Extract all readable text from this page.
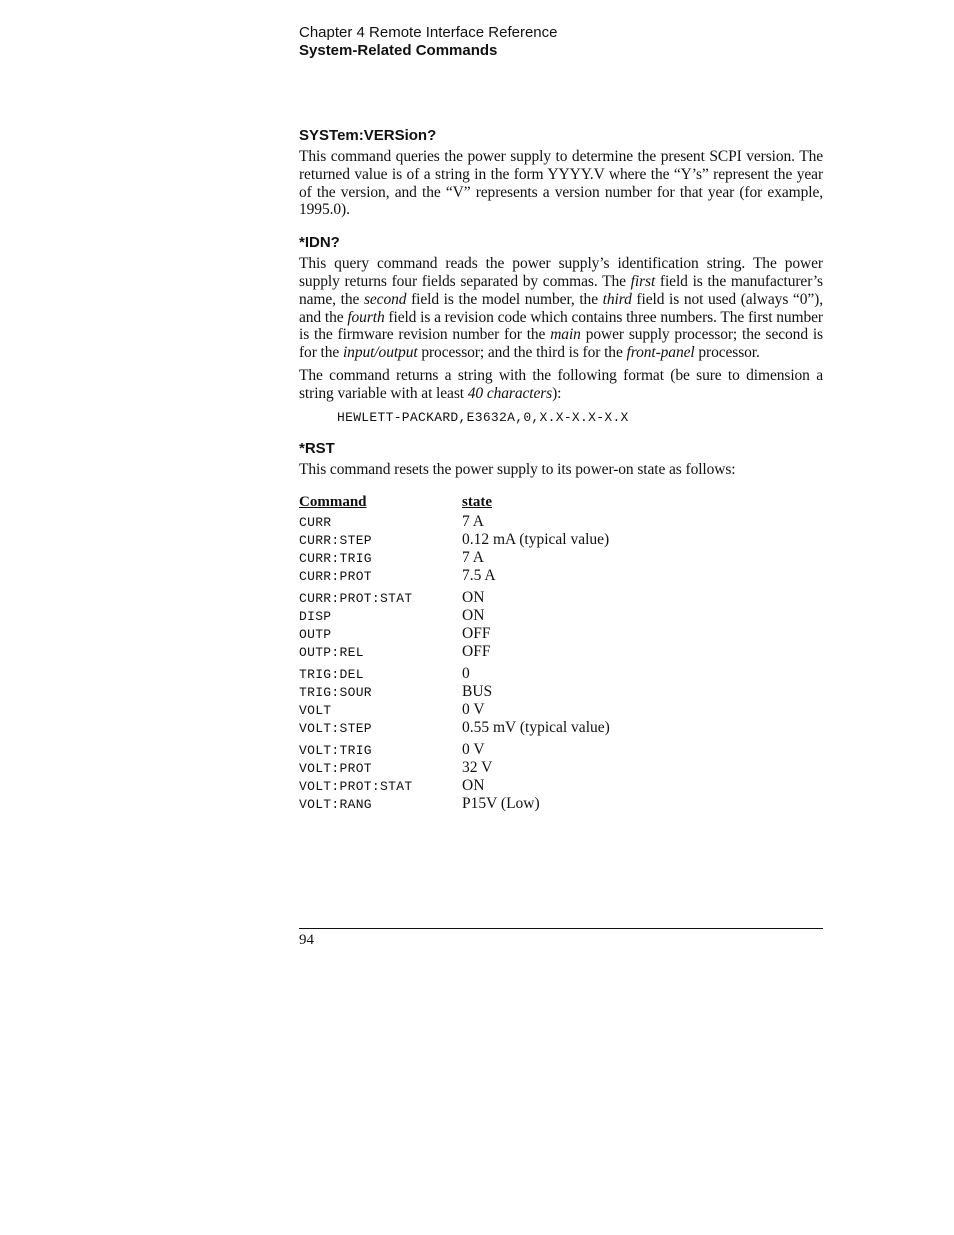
Chapter 4 Remote Interface Reference
System-Related Commands
SYSTem:VERSion?

This command queries the power supply to determine the present SCPI version. The returned value is of a string in the form YYYY.V where the “Y’s” represent the year of the version, and the “V” represents a version number for that year (for example, 1995.0).

*IDN?

This query command reads the power supply’s identification string. The power supply returns four fields separated by commas. The first field is the manufacturer’s name, the second field is the model number, the third field is not used (always “0”), and the fourth field is a revision code which contains three numbers. The first number is the firmware revision number for the main power supply processor; the second is for the input/output processor; and the third is for the front-panel processor.

The command returns a string with the following format (be sure to dimension a string variable with at least 40 characters):

HEWLETT-PACKARD,E3632A,0,X.X-X.X-X.X
*RST

This command resets the power supply to its power-on state as follows:

Command	state
CURR	7 A
CURR:STEP	0.12 mA (typical value)
CURR:TRIG	7 A
CURR:PROT	7.5 A
CURR:PROT:STAT	ON
DISP	ON
OUTP	OFF
OUTP:REL	OFF
TRIG:DEL	0
TRIG:SOUR	BUS
VOLT	0 V
VOLT:STEP	0.55 mV (typical value)
VOLT:TRIG	0 V
VOLT:PROT	32 V
VOLT:PROT:STAT	ON
VOLT:RANG	P15V (Low)
94
